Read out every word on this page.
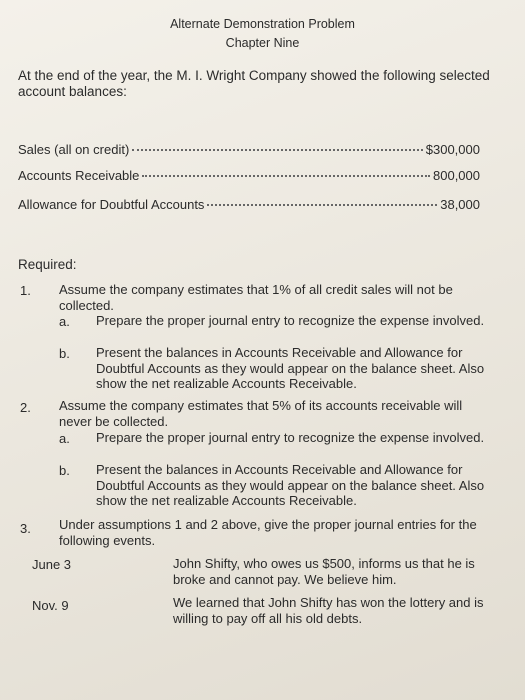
Alternate Demonstration Problem
Chapter Nine
At the end of the year, the M. I. Wright Company showed the following selected account balances:
Sales (all on credit)	$300,000
Accounts Receivable	800,000
Allowance for Doubtful Accounts	38,000
Required:
1. Assume the company estimates that 1% of all credit sales will not be collected.
a. Prepare the proper journal entry to recognize the expense involved.
b. Present the balances in Accounts Receivable and Allowance for Doubtful Accounts as they would appear on the balance sheet. Also show the net realizable Accounts Receivable.
2. Assume the company estimates that 5% of its accounts receivable will never be collected.
a. Prepare the proper journal entry to recognize the expense involved.
b. Present the balances in Accounts Receivable and Allowance for Doubtful Accounts as they would appear on the balance sheet. Also show the net realizable Accounts Receivable.
3. Under assumptions 1 and 2 above, give the proper journal entries for the following events.
June 3	John Shifty, who owes us $500, informs us that he is broke and cannot pay. We believe him.
Nov. 9	We learned that John Shifty has won the lottery and is willing to pay off all his old debts.
